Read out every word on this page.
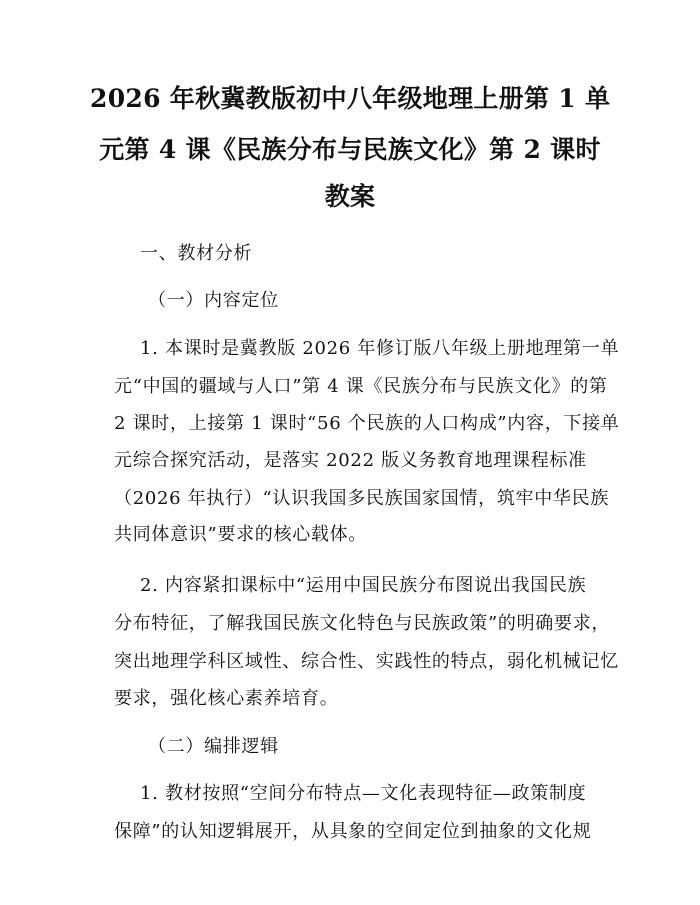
2026 年秋冀教版初中八年级地理上册第 1 单
元第 4 课《民族分布与民族文化》第 2 课时
教案
一、教材分析
（一）内容定位
1. 本课时是冀教版 2026 年修订版八年级上册地理第一单
元“中国的疆域与人口”第 4 课《民族分布与民族文化》的第
2 课时，上接第 1 课时“56 个民族的人口构成”内容，下接单
元综合探究活动，是落实 2022 版义务教育地理课程标准
（2026 年执行）“认识我国多民族国家国情，筑牢中华民族
共同体意识”要求的核心载体。
2. 内容紧扣课标中“运用中国民族分布图说出我国民族
分布特征，了解我国民族文化特色与民族政策”的明确要求，
突出地理学科区域性、综合性、实践性的特点，弱化机械记忆
要求，强化核心素养培育。
（二）编排逻辑
1. 教材按照“空间分布特点—文化表现特征—政策制度
保障”的认知逻辑展开，从具象的空间定位到抽象的文化规
